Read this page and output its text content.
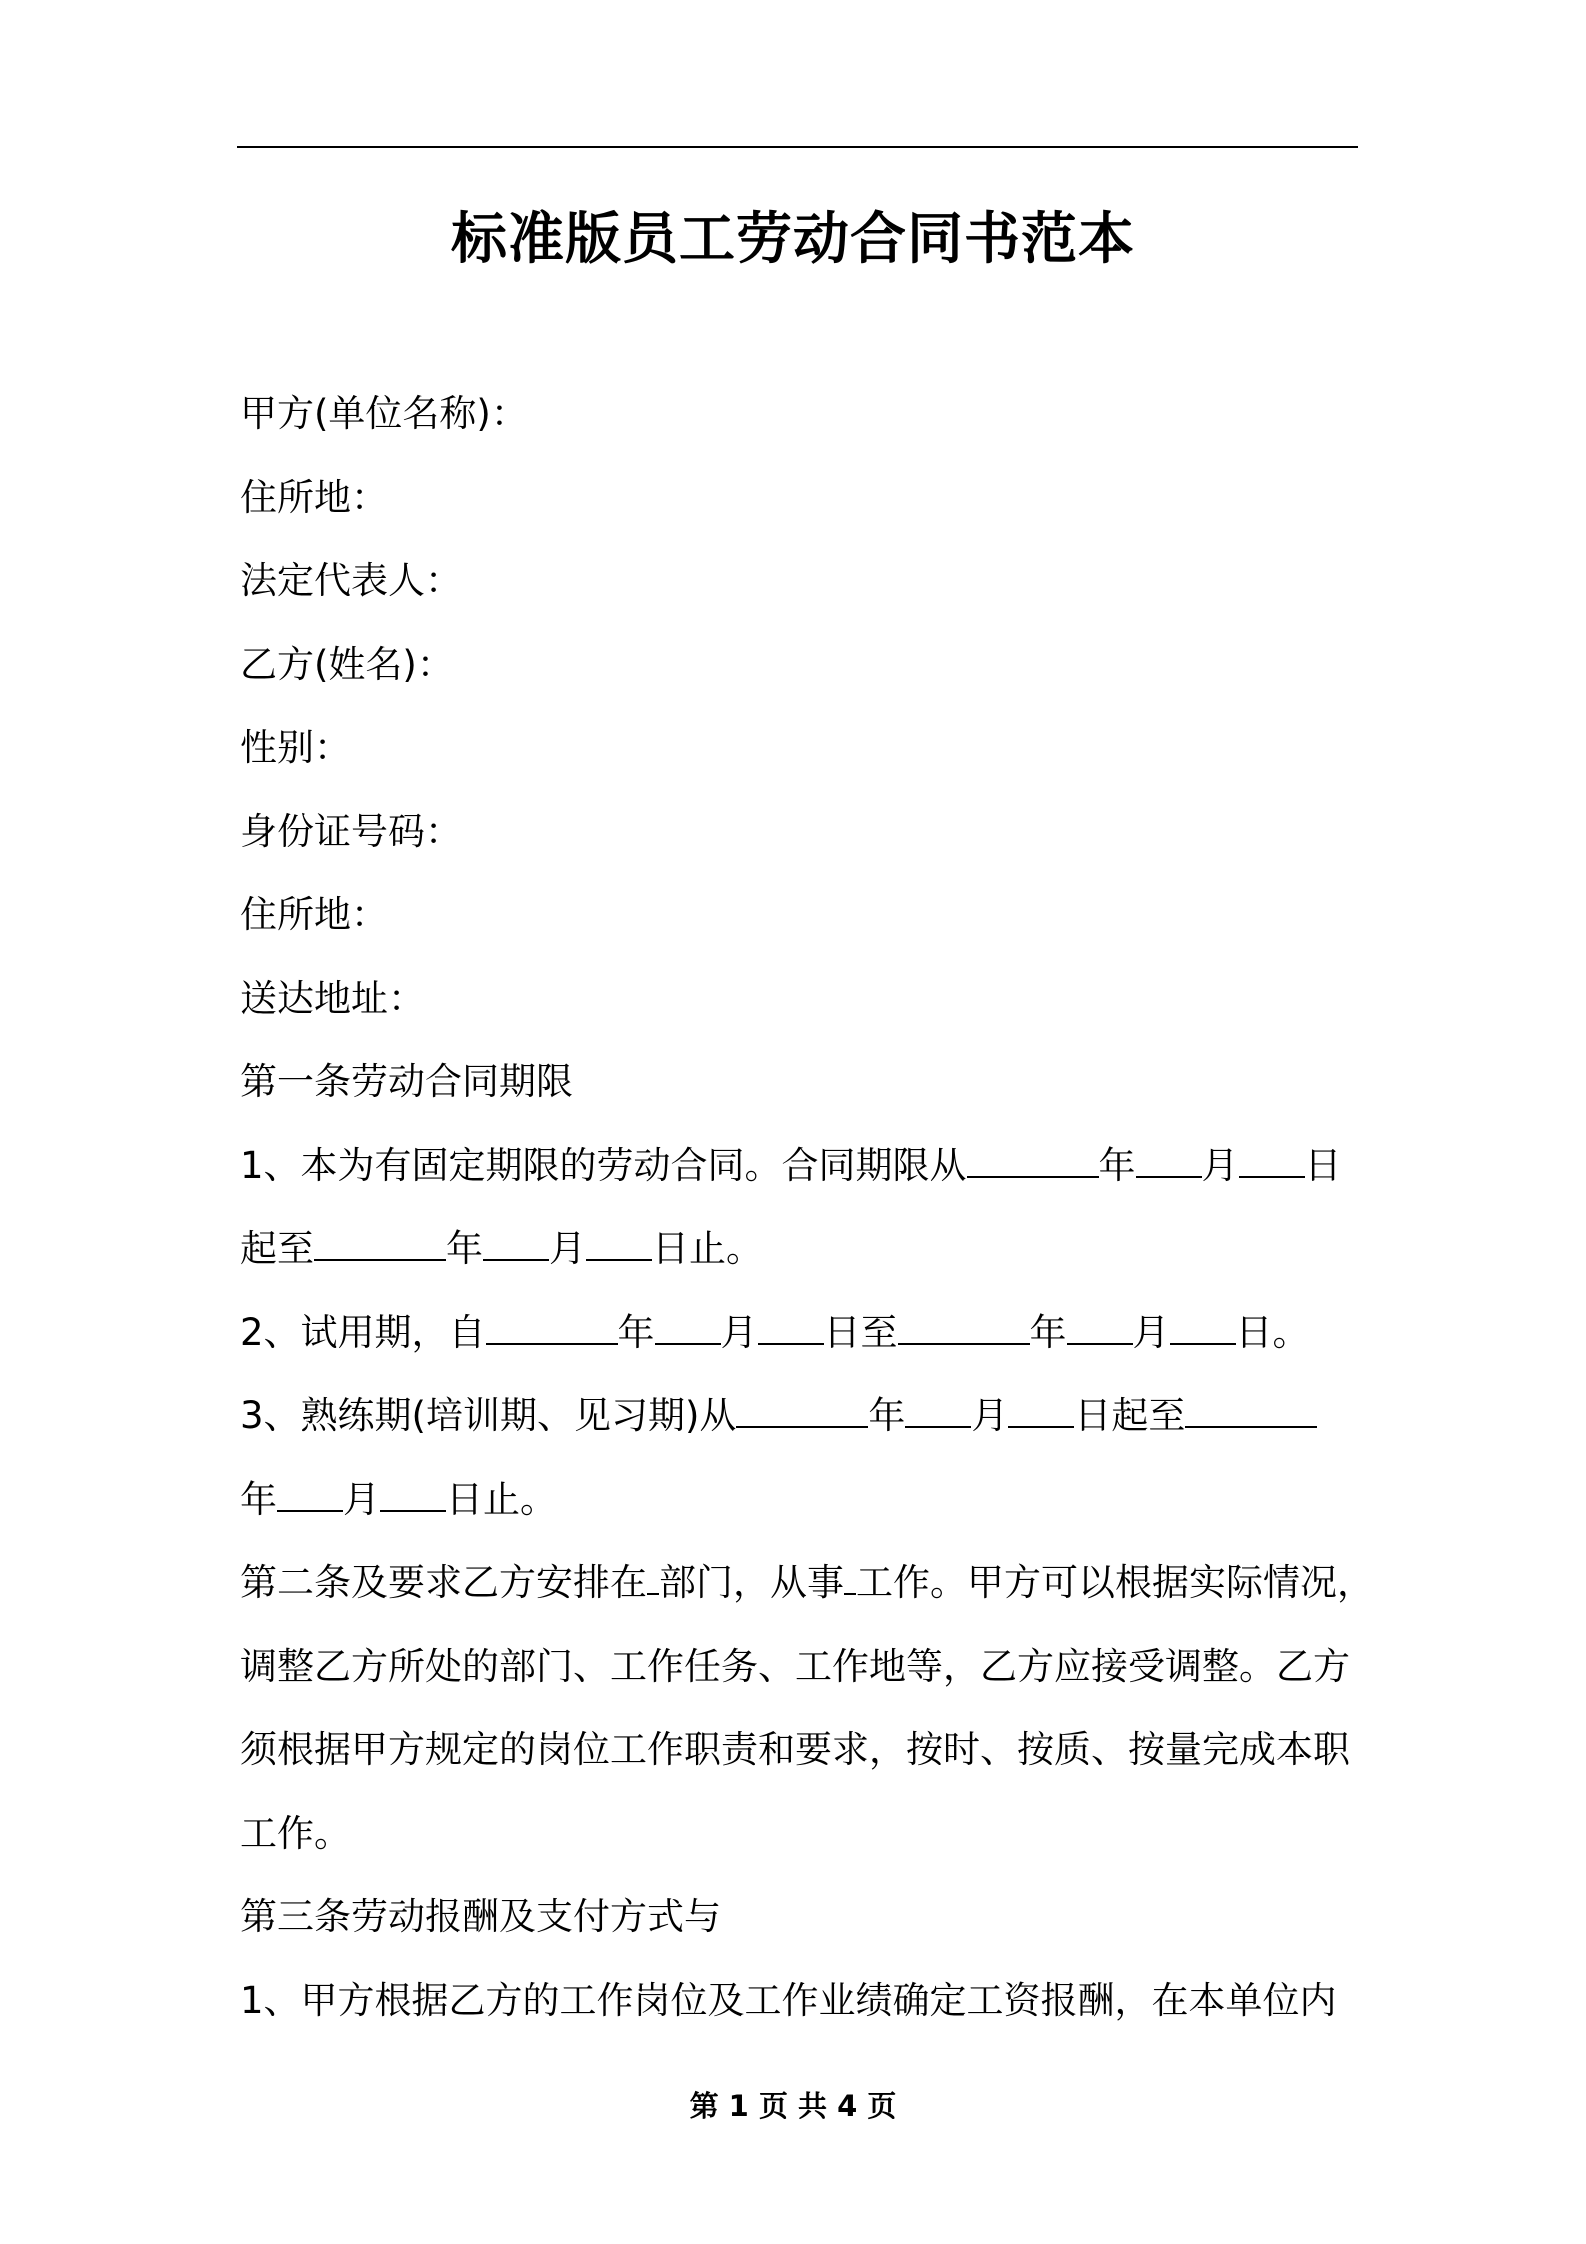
标准版员工劳动合同书范本
甲方(单位名称)：
住所地：
法定代表人：
乙方(姓名)：
性别：
身份证号码：
住所地：
送达地址：
第一条劳动合同期限
1、本为有固定期限的劳动合同。合同期限从	年 月 日
起至	年 月 日止。
2、试用期，自	年 月 日至	年 月 日。
3、熟练期(培训期、见习期)从	年 月 日起至
年 月 日止。
第二条及要求乙方安排在 部门，从事 工作。甲方可以根据实际情况，
调整乙方所处的部门、工作任务、工作地等，乙方应接受调整。乙方
须根据甲方规定的岗位工作职责和要求，按时、按质、按量完成本职
工作。
第三条劳动报酬及支付方式与
1、甲方根据乙方的工作岗位及工作业绩确定工资报酬，在本单位内
第 1 页 共 4 页
